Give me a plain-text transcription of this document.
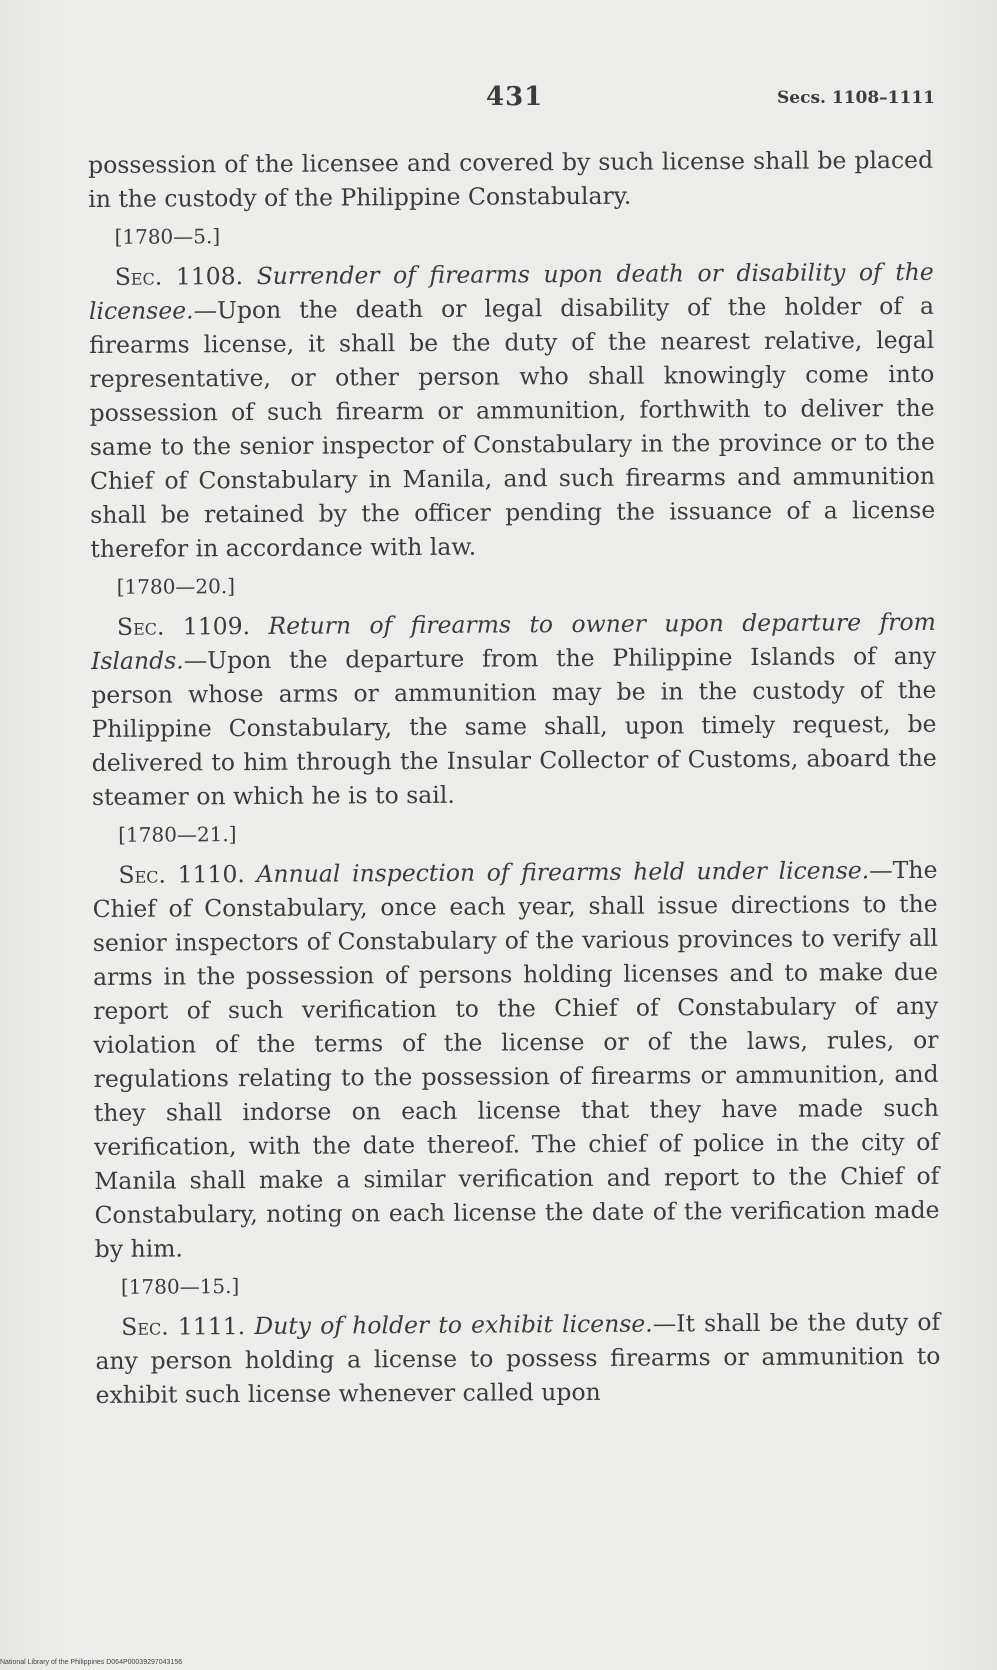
431	Secs. 1108–1111

possession of the licensee and covered by such license shall be placed in the custody of the Philippine Constabulary.

[1780—5.]

Sec. 1108. Surrender of firearms upon death or disability of the licensee.—Upon the death or legal disability of the holder of a firearms license, it shall be the duty of the nearest relative, legal representative, or other person who shall knowingly come into possession of such firearm or ammunition, forthwith to deliver the same to the senior inspector of Constabulary in the province or to the Chief of Constabulary in Manila, and such firearms and ammunition shall be retained by the officer pending the issuance of a license therefor in accordance with law.

[1780—20.]

Sec. 1109. Return of firearms to owner upon departure from Islands.—Upon the departure from the Philippine Islands of any person whose arms or ammunition may be in the custody of the Philippine Constabulary, the same shall, upon timely request, be delivered to him through the Insular Collector of Customs, aboard the steamer on which he is to sail.

[1780—21.]

Sec. 1110. Annual inspection of firearms held under license.—The Chief of Constabulary, once each year, shall issue directions to the senior inspectors of Constabulary of the various provinces to verify all arms in the possession of persons holding licenses and to make due report of such verification to the Chief of Constabulary of any violation of the terms of the license or of the laws, rules, or regulations relating to the possession of firearms or ammunition, and they shall indorse on each license that they have made such verification, with the date thereof. The chief of police in the city of Manila shall make a similar verification and report to the Chief of Constabulary, noting on each license the date of the verification made by him.

[1780—15.]

Sec. 1111. Duty of holder to exhibit license.—It shall be the duty of any person holding a license to possess firearms or ammunition to exhibit such license whenever called upon

National Library of the Philippines D064P00039297043156
